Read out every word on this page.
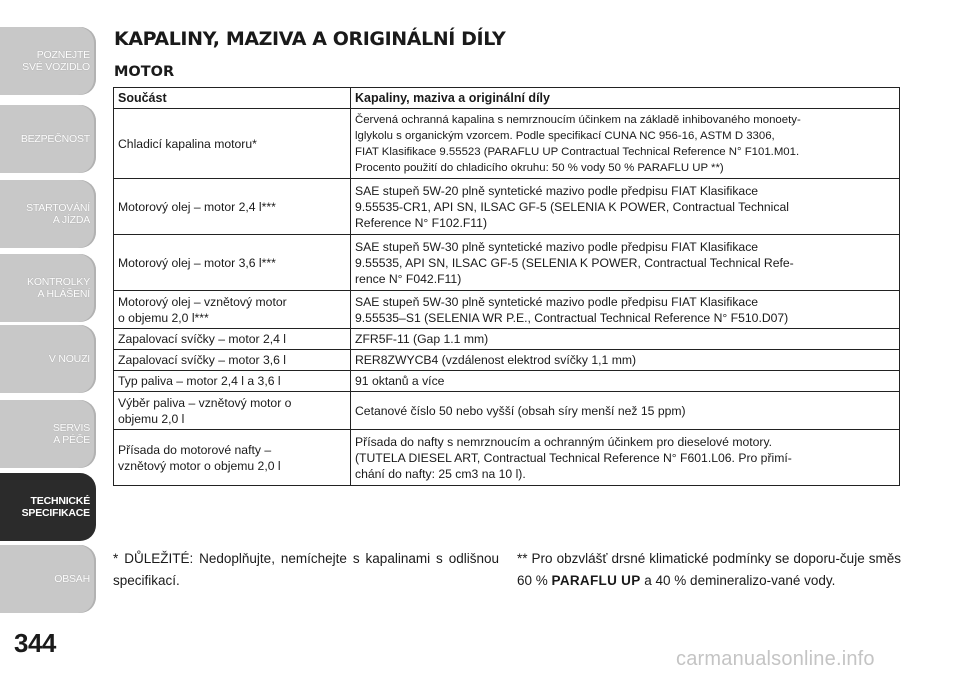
POZNEJTE
SVÉ VOZIDLO
BEZPEČNOST
STARTOVÁNÍ
A JÍZDA
KONTROLKY
A HLÁŠENÍ
V NOUZI
SERVIS
A PÉČE
TECHNICKÉ
SPECIFIKACE
OBSAH
344
KAPALINY, MAZIVA A ORIGINÁLNÍ DÍLY
MOTOR
Součást	Kapaliny, maziva a originální díly
Chladicí kapalina motoru*	Červená ochranná kapalina s nemrznoucím účinkem na základě inhibovaného monoety-
lglykolu s organickým vzorcem. Podle specifikací CUNA NC 956-16, ASTM D 3306,
FIAT Klasifikace 9.55523 (PARAFLU UP Contractual Technical Reference N° F101.M01.
Procento použití do chladicího okruhu: 50 % vody 50 % PARAFLU UP **)
Motorový olej – motor 2,4 l***	SAE stupeň 5W-20 plně syntetické mazivo podle předpisu FIAT Klasifikace
9.55535-CR1, API SN, ILSAC GF-5 (SELENIA K POWER, Contractual Technical
Reference N° F102.F11)
Motorový olej – motor 3,6 l***	SAE stupeň 5W-30 plně syntetické mazivo podle předpisu FIAT Klasifikace
9.55535, API SN, ILSAC GF-5 (SELENIA K POWER, Contractual Technical Refe-
rence N° F042.F11)
Motorový olej – vznětový motor
o objemu 2,0 l***	SAE stupeň 5W-30 plně syntetické mazivo podle předpisu FIAT Klasifikace
9.55535–S1 (SELENIA WR P.E., Contractual Technical Reference N° F510.D07)
Zapalovací svíčky – motor 2,4 l	ZFR5F-11 (Gap 1.1 mm)
Zapalovací svíčky – motor 3,6 l	RER8ZWYCB4 (vzdálenost elektrod svíčky 1,1 mm)
Typ paliva – motor 2,4 l a 3,6 l	91 oktanů a více
Výběr paliva – vznětový motor o
objemu 2,0 l	Cetanové číslo 50 nebo vyšší (obsah síry menší než 15 ppm)
Přísada do motorové nafty –
vznětový motor o objemu 2,0 l	Přísada do nafty s nemrznoucím a ochranným účinkem pro dieselové motory.
(TUTELA DIESEL ART, Contractual Technical Reference N° F601.L06. Pro přimí-
chání do nafty: 25 cm3 na 10 l).
* DŮLEŽITÉ: Nedoplňujte, nemíchejte s kapalinami s odlišnou specifikací.
** Pro obzvlášť drsné klimatické podmínky se doporu-čuje směs 60 % PARAFLU UP a 40 % demineralizo-vané vody.
carmanualsonline.info
